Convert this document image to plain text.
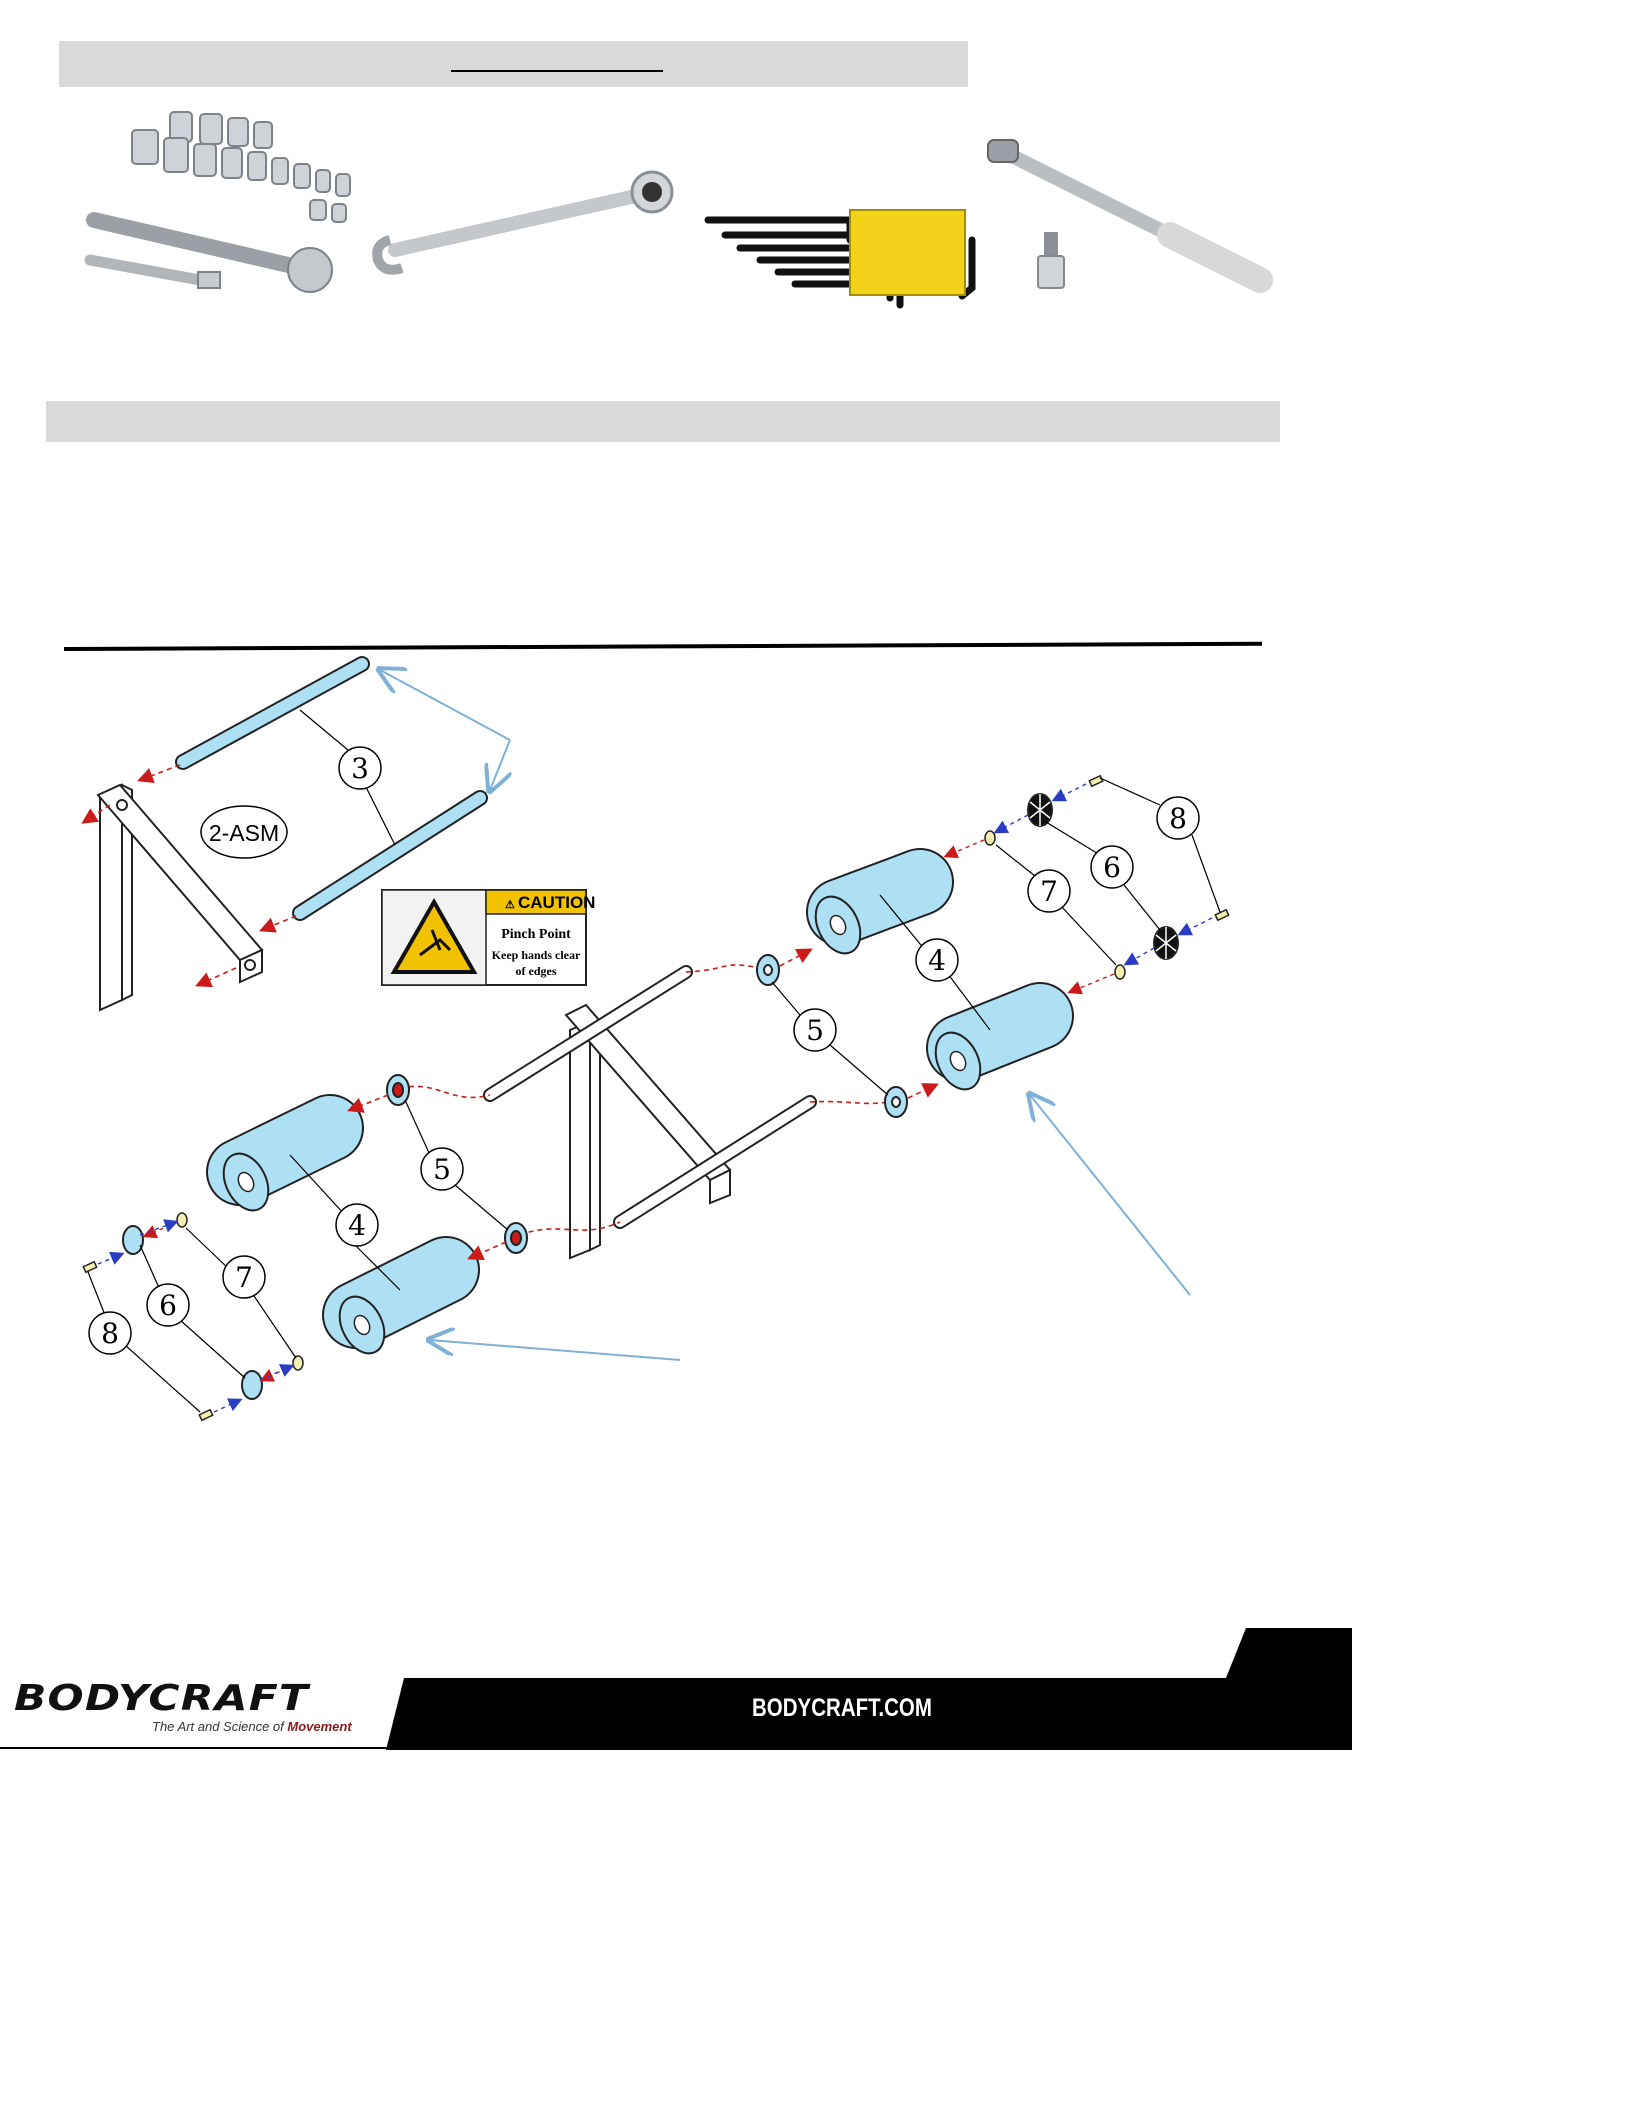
3
2-ASM
⚠ CAUTION
Pinch Point
Keep hands clear
of edges
4
4
5
5
6
6
7
7
8
8
BODYCRAFT
The Art and Science of Movement
BODYCRAFT.COM
